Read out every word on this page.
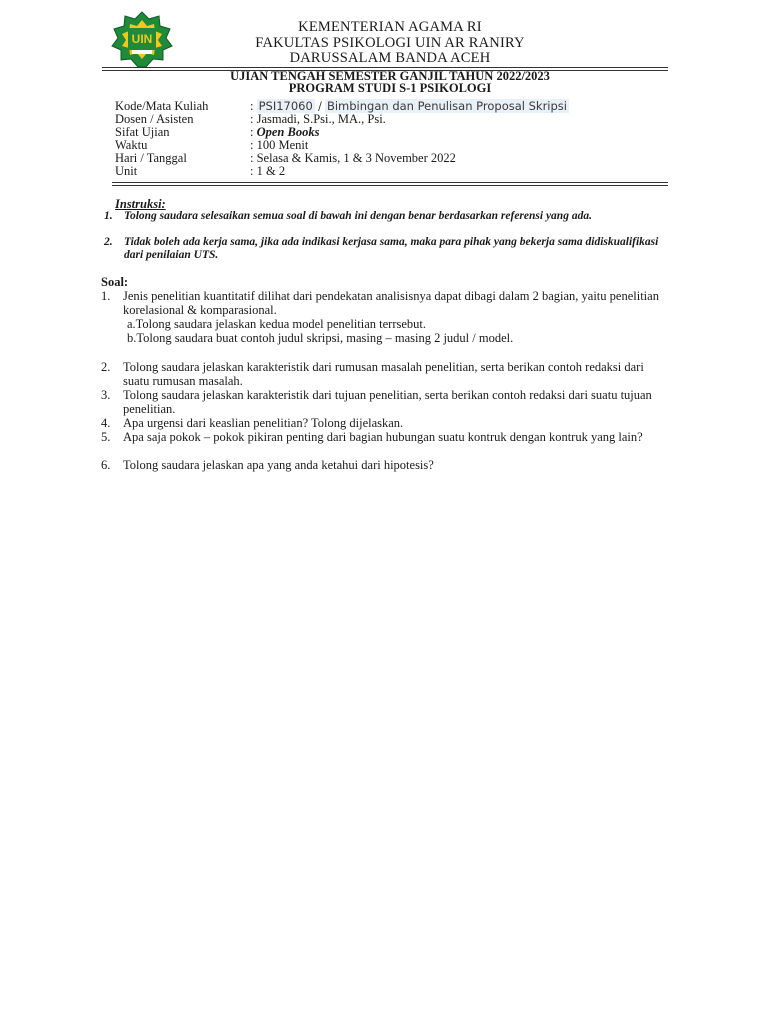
UIN
KEMENTERIAN AGAMA RI
FAKULTAS PSIKOLOGI UIN AR RANIRY
DARUSSALAM BANDA ACEH
UJIAN TENGAH SEMESTER GANJIL TAHUN 2022/2023
PROGRAM STUDI S-1 PSIKOLOGI
Kode/Mata Kuliah	: PSI17060 / Bimbingan dan Penulisan Proposal Skripsi
Dosen / Asisten	: Jasmadi, S.Psi., MA., Psi.
Sifat Ujian	: Open Books
Waktu	: 100 Menit
Hari / Tanggal	: Selasa & Kamis, 1 & 3 November 2022
Unit	: 1 & 2
Instruksi:
1. Tolong saudara selesaikan semua soal di bawah ini dengan benar berdasarkan referensi yang ada.
2. Tidak boleh ada kerja sama, jika ada indikasi kerjasa sama, maka para pihak yang bekerja sama didiskualifikasi dari penilaian UTS.
Soal:
1. Jenis penelitian kuantitatif dilihat dari pendekatan analisisnya dapat dibagi dalam 2 bagian, yaitu penelitian korelasional & komparasional.
a.Tolong saudara jelaskan kedua model penelitian terrsebut.
b.Tolong saudara buat contoh judul skripsi, masing – masing 2 judul / model.
2. Tolong saudara jelaskan karakteristik dari rumusan masalah penelitian, serta berikan contoh redaksi dari suatu rumusan masalah.
3. Tolong saudara jelaskan karakteristik dari tujuan penelitian, serta berikan contoh redaksi dari suatu tujuan penelitian.
4. Apa urgensi dari keaslian penelitian? Tolong dijelaskan.
5. Apa saja pokok – pokok pikiran penting dari bagian hubungan suatu kontruk dengan kontruk yang lain?
6. Tolong saudara jelaskan apa yang anda ketahui dari hipotesis?
